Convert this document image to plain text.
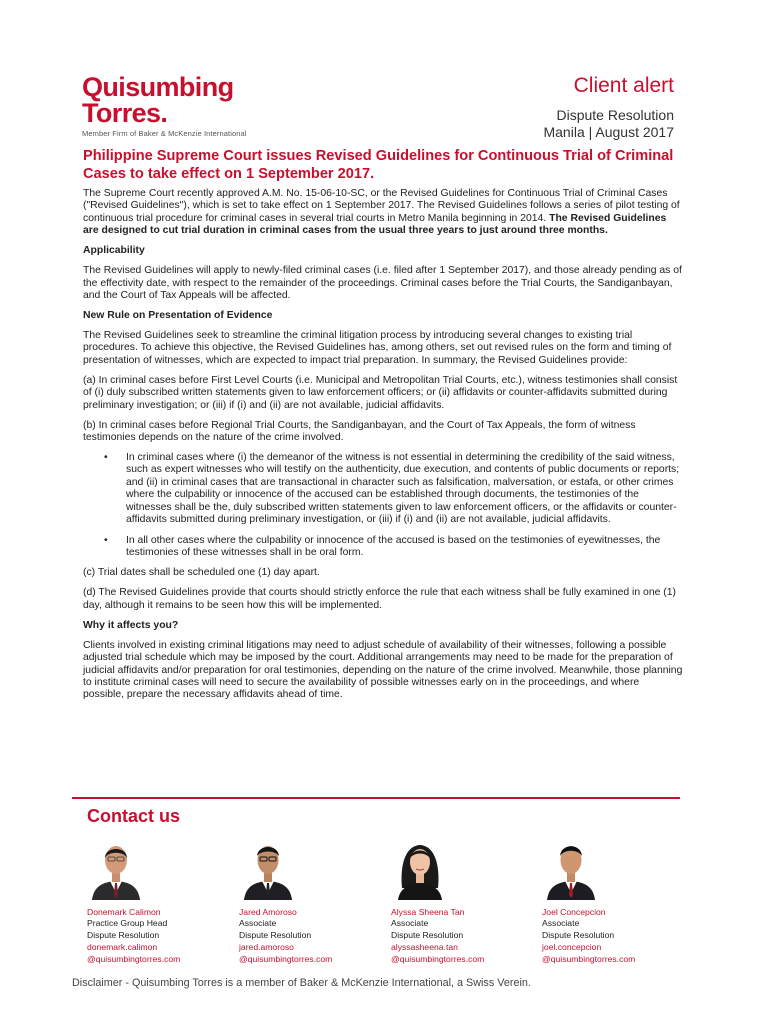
Quisumbing
Torres.
Member Firm of Baker & McKenzie International
Client alert
Dispute Resolution
Manila | August 2017
Philippine Supreme Court issues Revised Guidelines for Continuous Trial of Criminal Cases to take effect on 1 September 2017.

The Supreme Court recently approved A.M. No. 15-06-10-SC, or the Revised Guidelines for Continuous Trial of Criminal Cases ("Revised Guidelines"), which is set to take effect on 1 September 2017. The Revised Guidelines follows a series of pilot testing of continuous trial procedure for criminal cases in several trial courts in Metro Manila beginning in 2014. The Revised Guidelines are designed to cut trial duration in criminal cases from the usual three years to just around three months.

Applicability

The Revised Guidelines will apply to newly-filed criminal cases (i.e. filed after 1 September 2017), and those already pending as of the effectivity date, with respect to the remainder of the proceedings. Criminal cases before the Trial Courts, the Sandiganbayan, and the Court of Tax Appeals will be affected.

New Rule on Presentation of Evidence

The Revised Guidelines seek to streamline the criminal litigation process by introducing several changes to existing trial procedures. To achieve this objective, the Revised Guidelines has, among others, set out revised rules on the form and timing of presentation of witnesses, which are expected to impact trial preparation. In summary, the Revised Guidelines provide:

(a) In criminal cases before First Level Courts (i.e. Municipal and Metropolitan Trial Courts, etc.), witness testimonies shall consist of (i) duly subscribed written statements given to law enforcement officers; or (ii) affidavits or counter-affidavits submitted during preliminary investigation; or (iii) if (i) and (ii) are not available, judicial affidavits.

(b) In criminal cases before Regional Trial Courts, the Sandiganbayan, and the Court of Tax Appeals, the form of witness testimonies depends on the nature of the crime involved.

• In criminal cases where (i) the demeanor of the witness is not essential in determining the credibility of the said witness, such as expert witnesses who will testify on the authenticity, due execution, and contents of public documents or reports; and (ii) in criminal cases that are transactional in character such as falsification, malversation, or estafa, or other crimes where the culpability or innocence of the accused can be established through documents, the testimonies of the witnesses shall be the, duly subscribed written statements given to law enforcement officers, or the affidavits or counter-affidavits submitted during preliminary investigation, or (iii) if (i) and (ii) are not available, judicial affidavits.
• In all other cases where the culpability or innocence of the accused is based on the testimonies of eyewitnesses, the testimonies of these witnesses shall in be oral form.

(c) Trial dates shall be scheduled one (1) day apart.

(d) The Revised Guidelines provide that courts should strictly enforce the rule that each witness shall be fully examined in one (1) day, although it remains to be seen how this will be implemented.

Why it affects you?

Clients involved in existing criminal litigations may need to adjust schedule of availability of their witnesses, following a possible adjusted trial schedule which may be imposed by the court. Additional arrangements may need to be made for the preparation of judicial affidavits and/or preparation for oral testimonies, depending on the nature of the crime involved. Meanwhile, those planning to institute criminal cases will need to secure the availability of possible witnesses early on in the proceedings, and where possible, prepare the necessary affidavits ahead of time.

Contact us
Donemark Calimon
Practice Group Head
Dispute Resolution
donemark.calimon
@quisumbingtorres.com
Jared Amoroso
Associate
Dispute Resolution
jared.amoroso
@quisumbingtorres.com
Alyssa Sheena Tan
Associate
Dispute Resolution
alyssasheena.tan
@quisumbingtorres.com
Joel Concepcion
Associate
Dispute Resolution
joel.concepcion
@quisumbingtorres.com
Disclaimer - Quisumbing Torres is a member of Baker & McKenzie International, a Swiss Verein.
